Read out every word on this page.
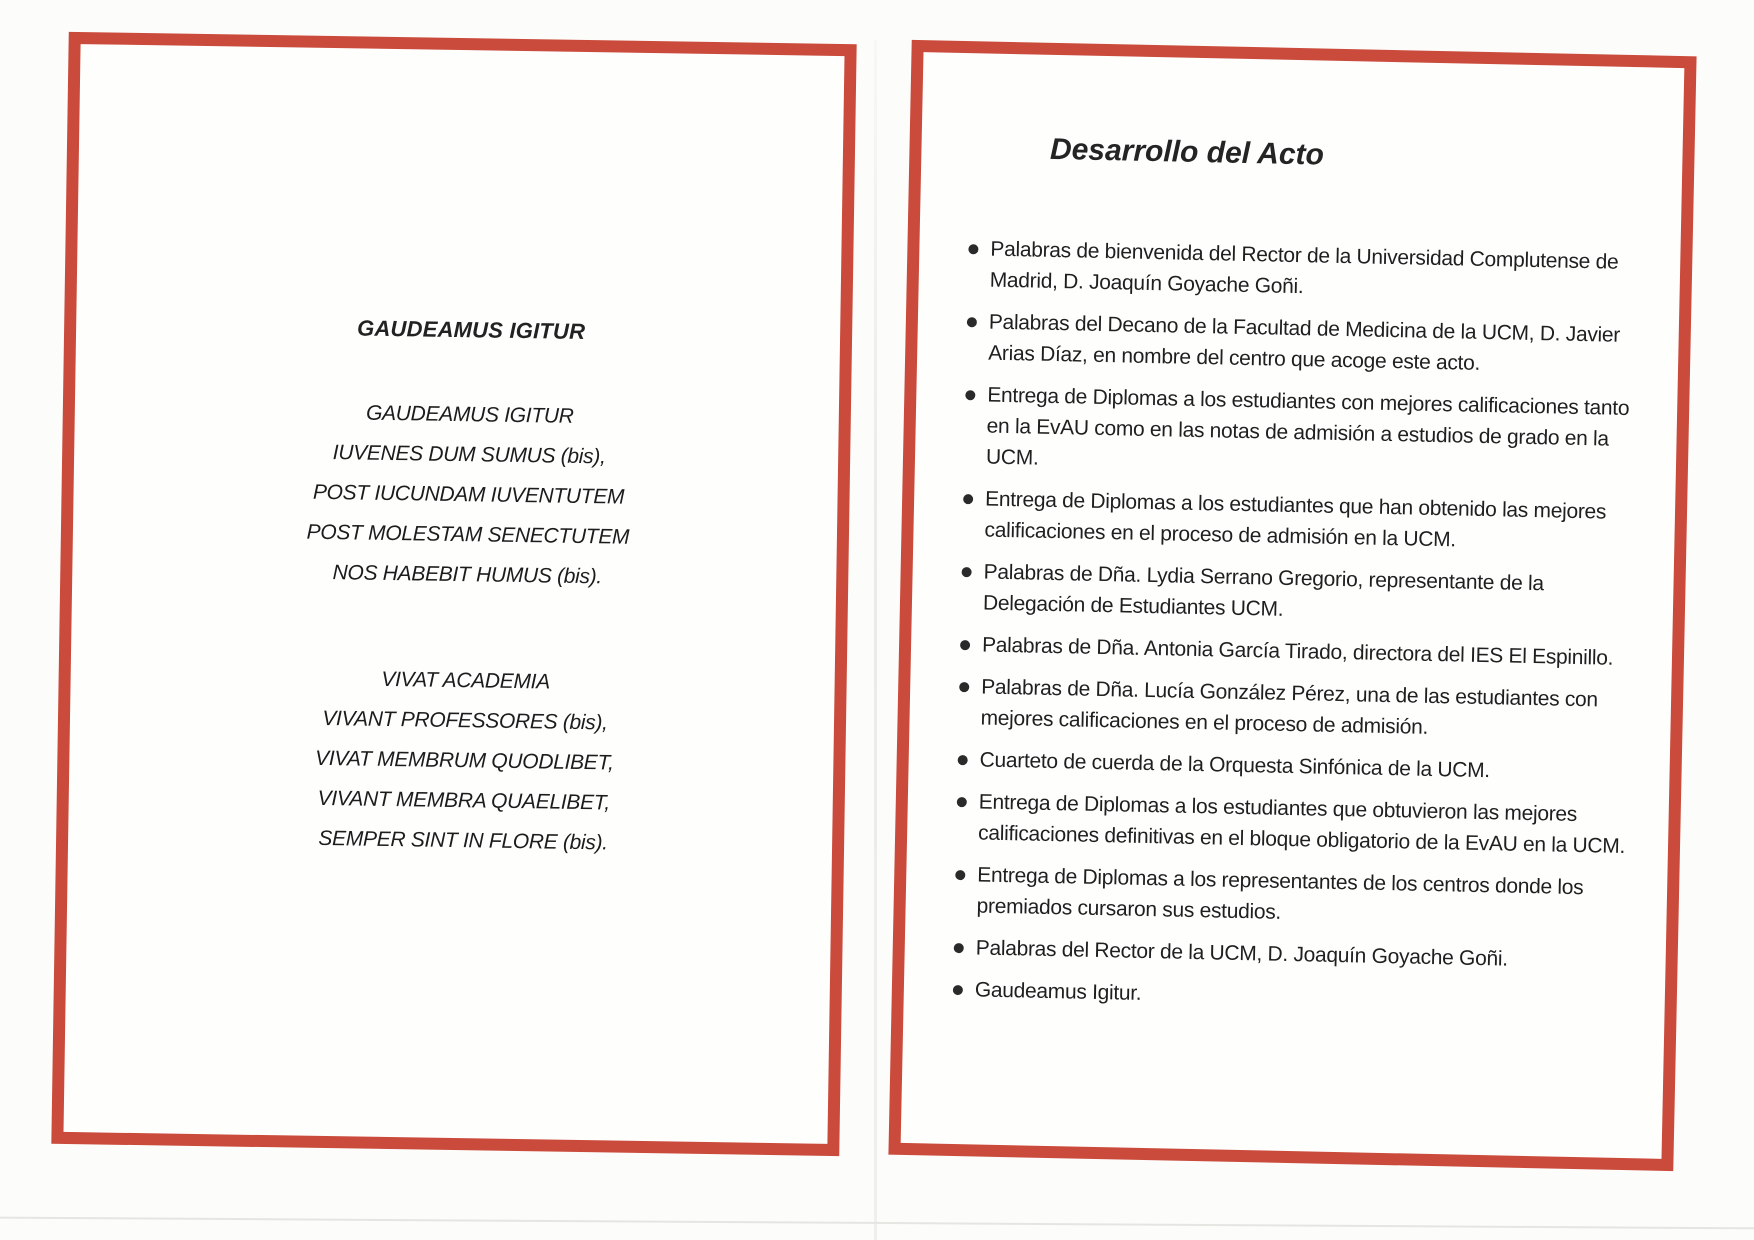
GAUDEAMUS IGITUR

GAUDEAMUS IGITUR

IUVENES DUM SUMUS (bis),

POST IUCUNDAM IUVENTUTEM

POST MOLESTAM SENECTUTEM

NOS HABEBIT HUMUS (bis).

VIVAT ACADEMIA

VIVANT PROFESSORES (bis),

VIVAT MEMBRUM QUODLIBET,

VIVANT MEMBRA QUAELIBET,

SEMPER SINT IN FLORE (bis).

Desarrollo del Acto
Palabras de bienvenida del Rector de la Universidad Complutense de Madrid, D. Joaquín Goyache Goñi.
Palabras del Decano de la Facultad de Medicina de la UCM, D. Javier Arias Díaz, en nombre del centro que acoge este acto.
Entrega de Diplomas a los estudiantes con mejores calificaciones tanto en la EvAU como en las notas de admisión a estudios de grado en la UCM.
Entrega de Diplomas a los estudiantes que han obtenido las mejores calificaciones en el proceso de admisión en la UCM.
Palabras de Dña. Lydia Serrano Gregorio, representante de la Delegación de Estudiantes UCM.
Palabras de Dña. Antonia García Tirado, directora del IES El Espinillo.
Palabras de Dña. Lucía González Pérez, una de las estudiantes con mejores calificaciones en el proceso de admisión.
Cuarteto de cuerda de la Orquesta Sinfónica de la UCM.
Entrega de Diplomas a los estudiantes que obtuvieron las mejores calificaciones definitivas en el bloque obligatorio de la EvAU en la UCM.
Entrega de Diplomas a los representantes de los centros donde los premiados cursaron sus estudios.
Palabras del Rector de la UCM, D. Joaquín Goyache Goñi.
Gaudeamus Igitur.
